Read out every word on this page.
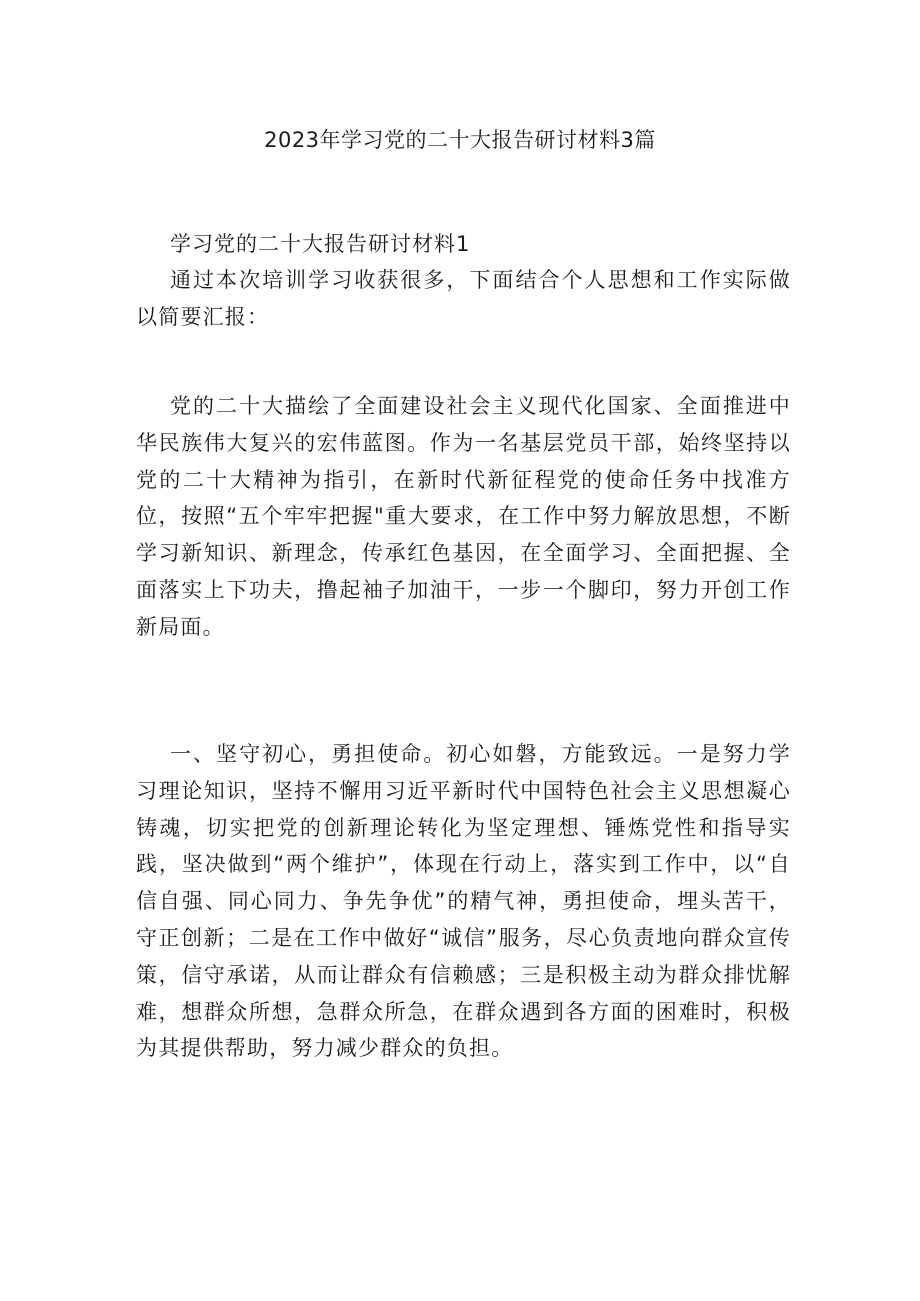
2023年学习党的二十大报告研讨材料3篇
学习党的二十大报告研讨材料1

通过本次培训学习收获很多，下面结合个人思想和工作实际做以简要汇报：

党的二十大描绘了全面建设社会主义现代化国家、全面推进中华民族伟大复兴的宏伟蓝图。作为一名基层党员干部，始终坚持以党的二十大精神为指引，在新时代新征程党的使命任务中找准方位，按照“五个牢牢把握"重大要求，在工作中努力解放思想，不断学习新知识、新理念，传承红色基因，在全面学习、全面把握、全面落实上下功夫，撸起袖子加油干，一步一个脚印，努力开创工作新局面。

一、坚守初心，勇担使命。初心如磐，方能致远。一是努力学习理论知识，坚持不懈用习近平新时代中国特色社会主义思想凝心铸魂，切实把党的创新理论转化为坚定理想、锤炼党性和指导实践，坚决做到“两个维护”，体现在行动上，落实到工作中，以“自信自强、同心同力、争先争优”的精气神，勇担使命，埋头苦干，守正创新；二是在工作中做好“诚信”服务，尽心负责地向群众宣传策，信守承诺，从而让群众有信赖感；三是积极主动为群众排忧解难，想群众所想，急群众所急，在群众遇到各方面的困难时，积极为其提供帮助，努力减少群众的负担。
